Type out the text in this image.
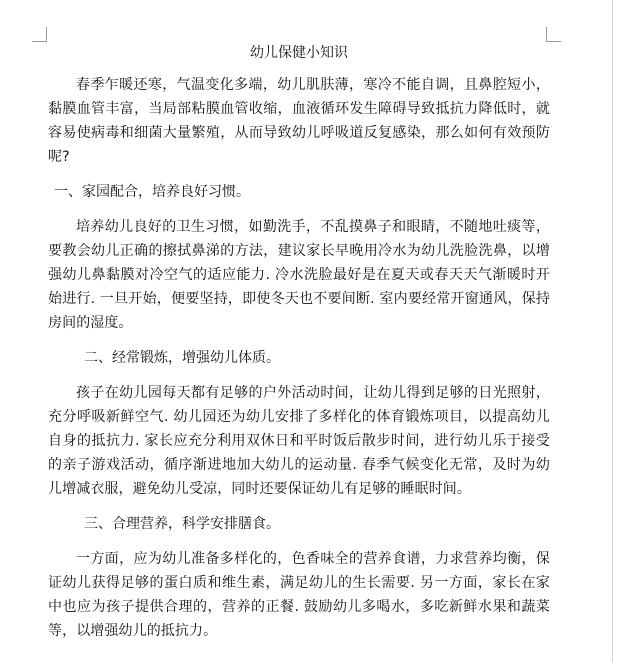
幼儿保健小知识

春季乍暖还寒，气温变化多端，幼儿肌肤薄，寒冷不能自调，且鼻腔短小，黏膜血管丰富，当局部粘膜血管收缩，血液循环发生障碍导致抵抗力降低时，就容易使病毒和细菌大量繁殖，从而导致幼儿呼吸道反复感染，那么如何有效预防呢?

一、家园配合，培养良好习惯。

培养幼儿良好的卫生习惯，如勤洗手，不乱摸鼻子和眼睛，不随地吐痰等，要教会幼儿正确的擦拭鼻涕的方法，建议家长早晚用冷水为幼儿洗脸洗鼻，以增强幼儿鼻黏膜对冷空气的适应能力. 冷水洗脸最好是在夏天或春天天气渐暖时开始进行. 一旦开始，便要坚持，即使冬天也不要间断. 室内要经常开窗通风，保持房间的湿度。

二、经常锻炼，增强幼儿体质。

孩子在幼儿园每天都有足够的户外活动时间，让幼儿得到足够的日光照射，充分呼吸新鲜空气. 幼儿园还为幼儿安排了多样化的体育锻炼项目，以提高幼儿自身的抵抗力. 家长应充分利用双休日和平时饭后散步时间，进行幼儿乐于接受的亲子游戏活动，循序渐进地加大幼儿的运动量. 春季气候变化无常，及时为幼儿增减衣服，避免幼儿受凉，同时还要保证幼儿有足够的睡眠时间。

三、合理营养，科学安排膳食。

一方面，应为幼儿准备多样化的，色香味全的营养食谱，力求营养均衡，保证幼儿获得足够的蛋白质和维生素，满足幼儿的生长需要. 另一方面，家长在家中也应为孩子提供合理的，营养的正餐. 鼓励幼儿多喝水，多吃新鲜水果和蔬菜等，以增强幼儿的抵抗力。
